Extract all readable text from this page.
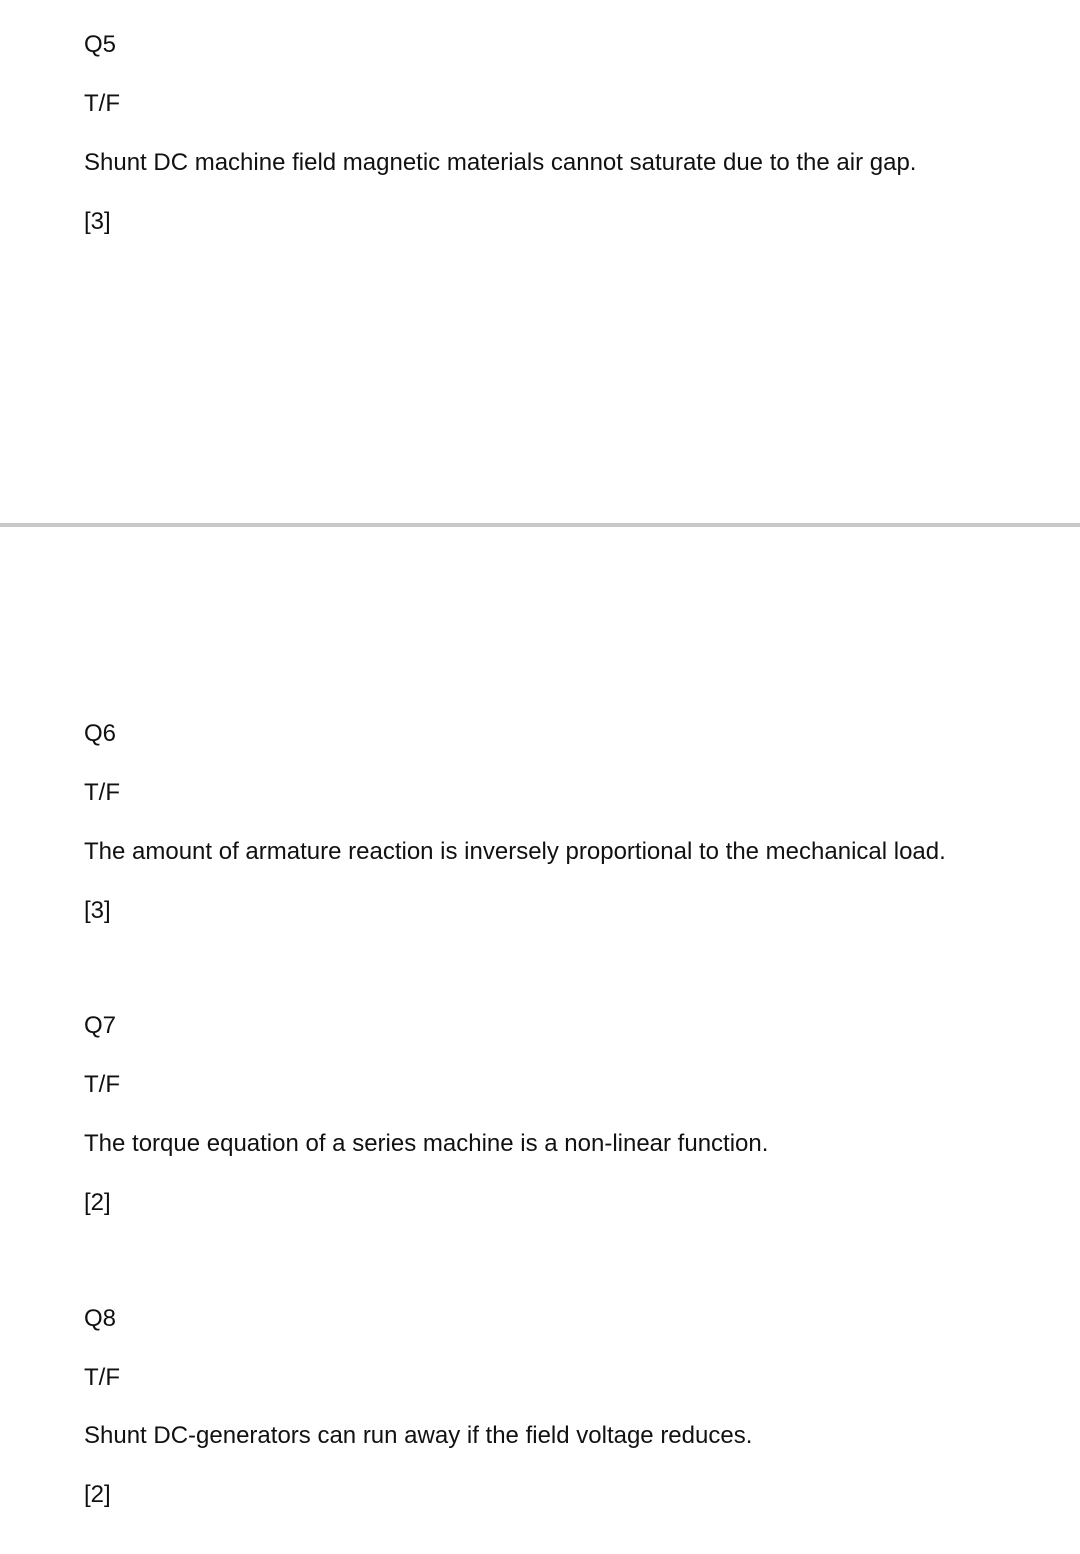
Q5

T/F

Shunt DC machine field magnetic materials cannot saturate due to the air gap.

[3]

Q6

T/F

The amount of armature reaction is inversely proportional to the mechanical load.

[3]

Q7

T/F

The torque equation of a series machine is a non-linear function.

[2]

Q8

T/F

Shunt DC-generators can run away if the field voltage reduces.

[2]
